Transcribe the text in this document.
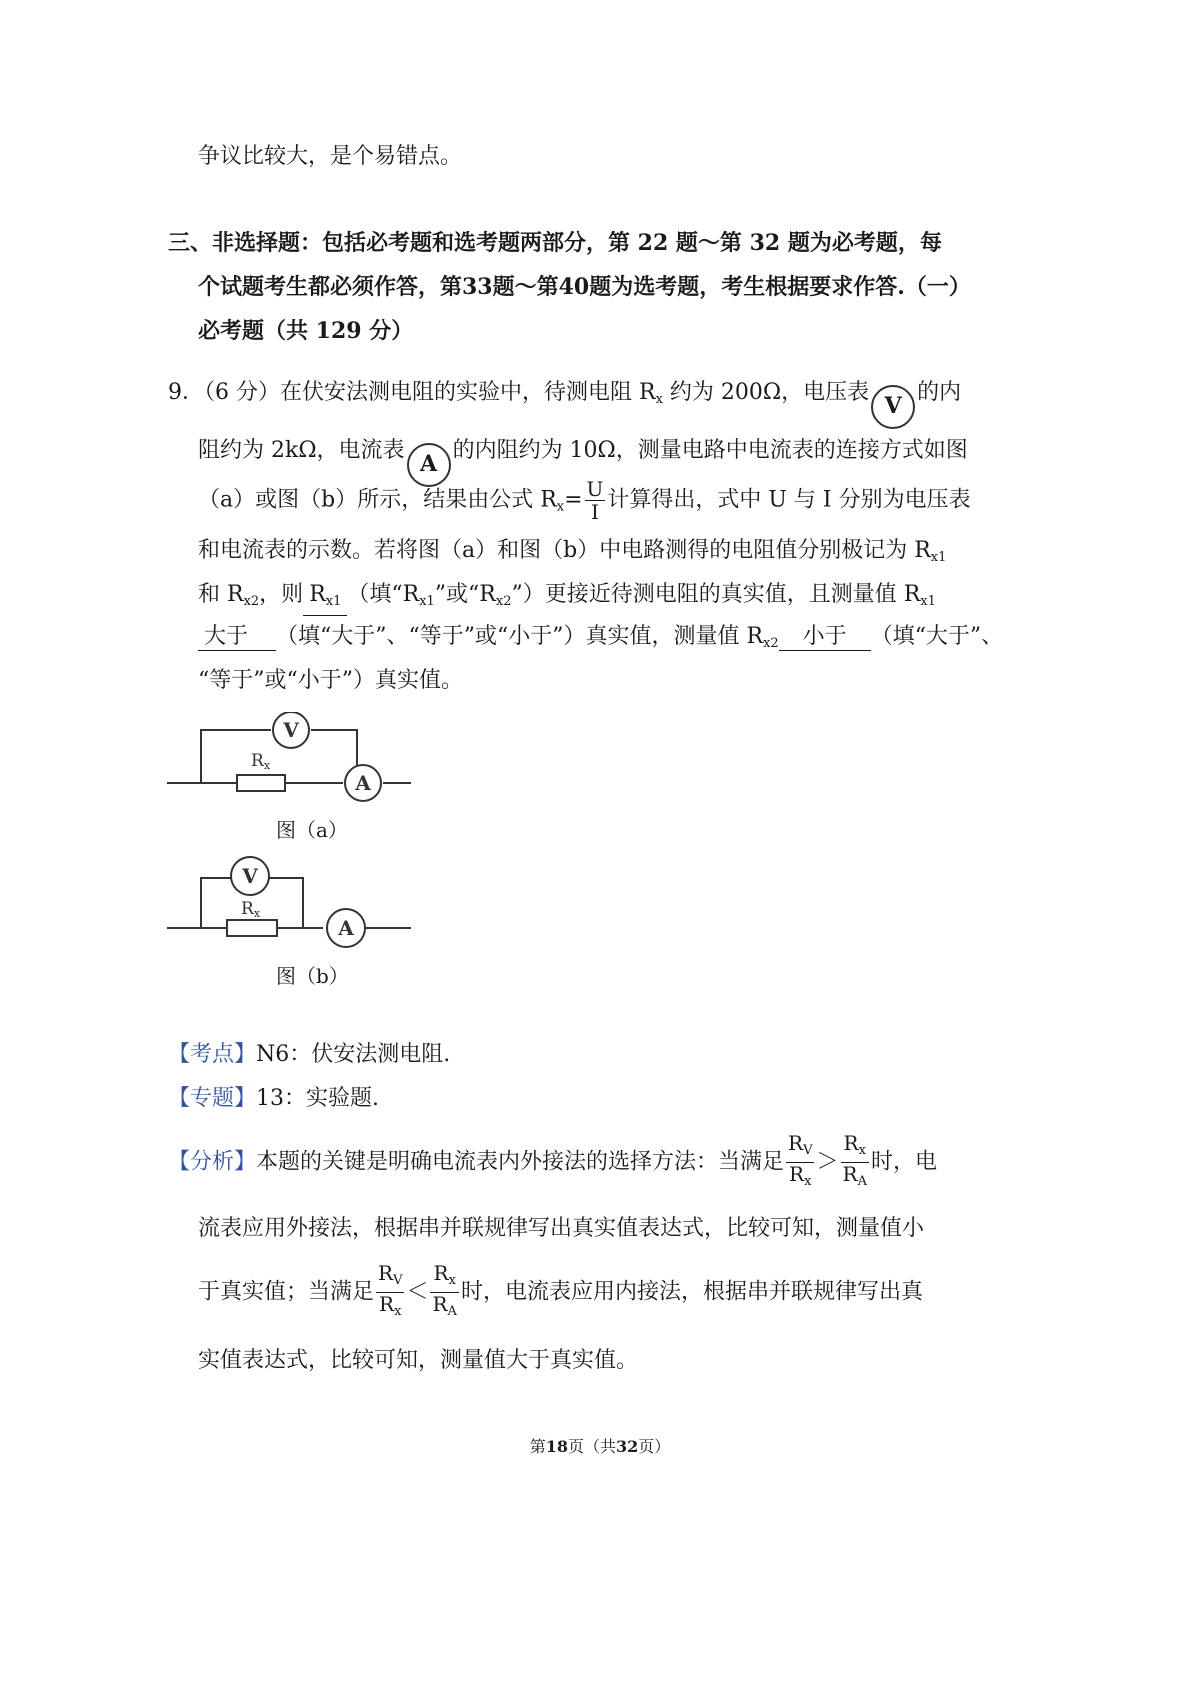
争议比较大，是个易错点。
三、非选择题：包括必考题和选考题两部分，第 22 题～第 32 题为必考题，每
个试题考生都必须作答，第33题～第40题为选考题，考生根据要求作答.（一）
必考题（共 129 分）
9．（6 分）在伏安法测电阻的实验中，待测电阻 $R_x$ 约为 200Ω，电压表V的内
阻约为 2kΩ，电流表A的内阻约为 10Ω，测量电路中电流表的连接方式如图
（a）或图（b）所示，结果由公式 $R_x= \frac{U}{I}$ 计算得出，式中 U 与 I 分别为电压表
和电流表的示数。若将图（a）和图（b）中电路测得的电阻值分别极记为 $R_{x1}$
和 $R_{x2}$，则 $R_{x1}$ （填“$R_{x1}$”或“$R_{x2}$”）更接近待测电阻的真实值，且测量值 $R_{x1}$
大于 （填“大于”、“等于”或“小于”）真实值，测量值 $R_{x2}$ 小于 （填“大于”、
“等于”或“小于”）真实值。
V
A
Rx
图（a）
V
A
Rx
图（b）
【考点】N6：伏安法测电阻.
【专题】13：实验题.
【分析】本题的关键是明确电流表内外接法的选择方法：当满足 $\frac{R_V}{R_x} > \frac{R_x}{R_A}$ 时，电
流表应用外接法，根据串并联规律写出真实值表达式，比较可知，测量值小
于真实值；当满足 $\frac{R_V}{R_x} < \frac{R_x}{R_A}$ 时，电流表应用内接法，根据串并联规律写出真
实值表达式，比较可知，测量值大于真实值。
第18页（共32页）
